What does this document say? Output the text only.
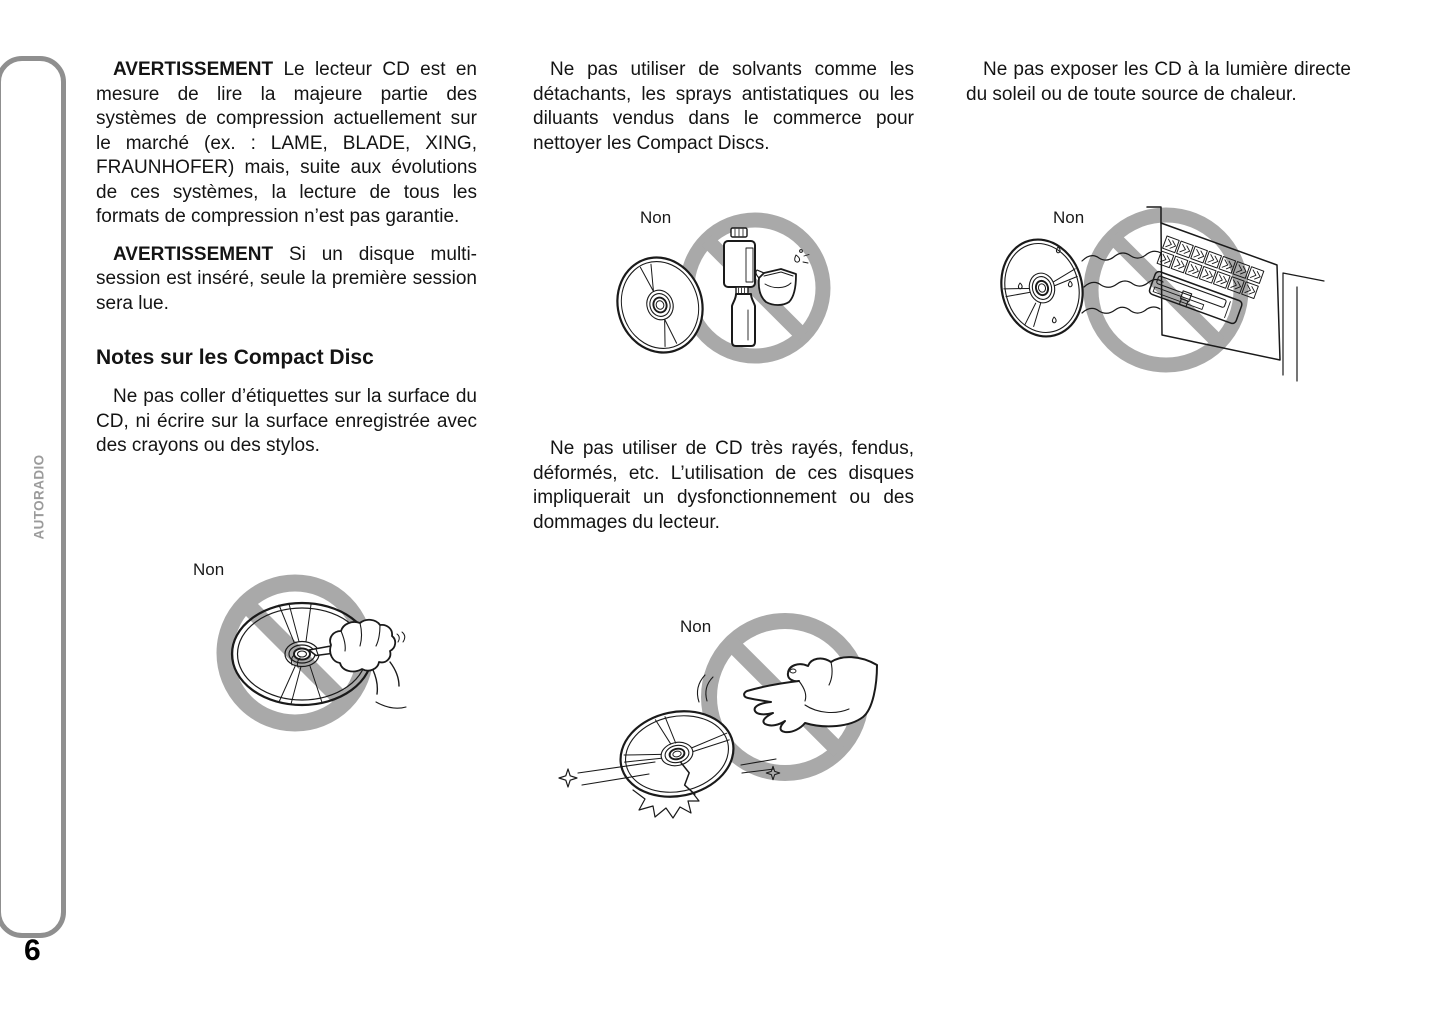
AUTORADIO
6

AVERTISSEMENT Le lecteur CD est en mesure de lire la majeure partie des systèmes de compression actuellement sur le marché (ex. : LAME, BLADE, XING, FRAUNHOFER) mais, suite aux évolutions de ces systèmes, la lecture de tous les formats de compression n’est pas garantie.

AVERTISSEMENT Si un disque multi-session est inséré, seule la première session sera lue.

Notes sur les Compact Disc

Ne pas coller d’étiquettes sur la surface du CD, ni écrire sur la surface enregistrée avec des crayons ou des stylos.

Ne pas utiliser de solvants comme les détachants, les sprays antistatiques ou les diluants vendus dans le commerce pour nettoyer les Compact Discs.

Ne pas utiliser de CD très rayés, fendus, déformés, etc. L’utilisation de ces disques impliquerait un dysfonctionnement ou des dommages du lecteur.

Ne pas exposer les CD à la lumière directe du soleil ou de toute source de chaleur.

Non
Non
Non
Non
